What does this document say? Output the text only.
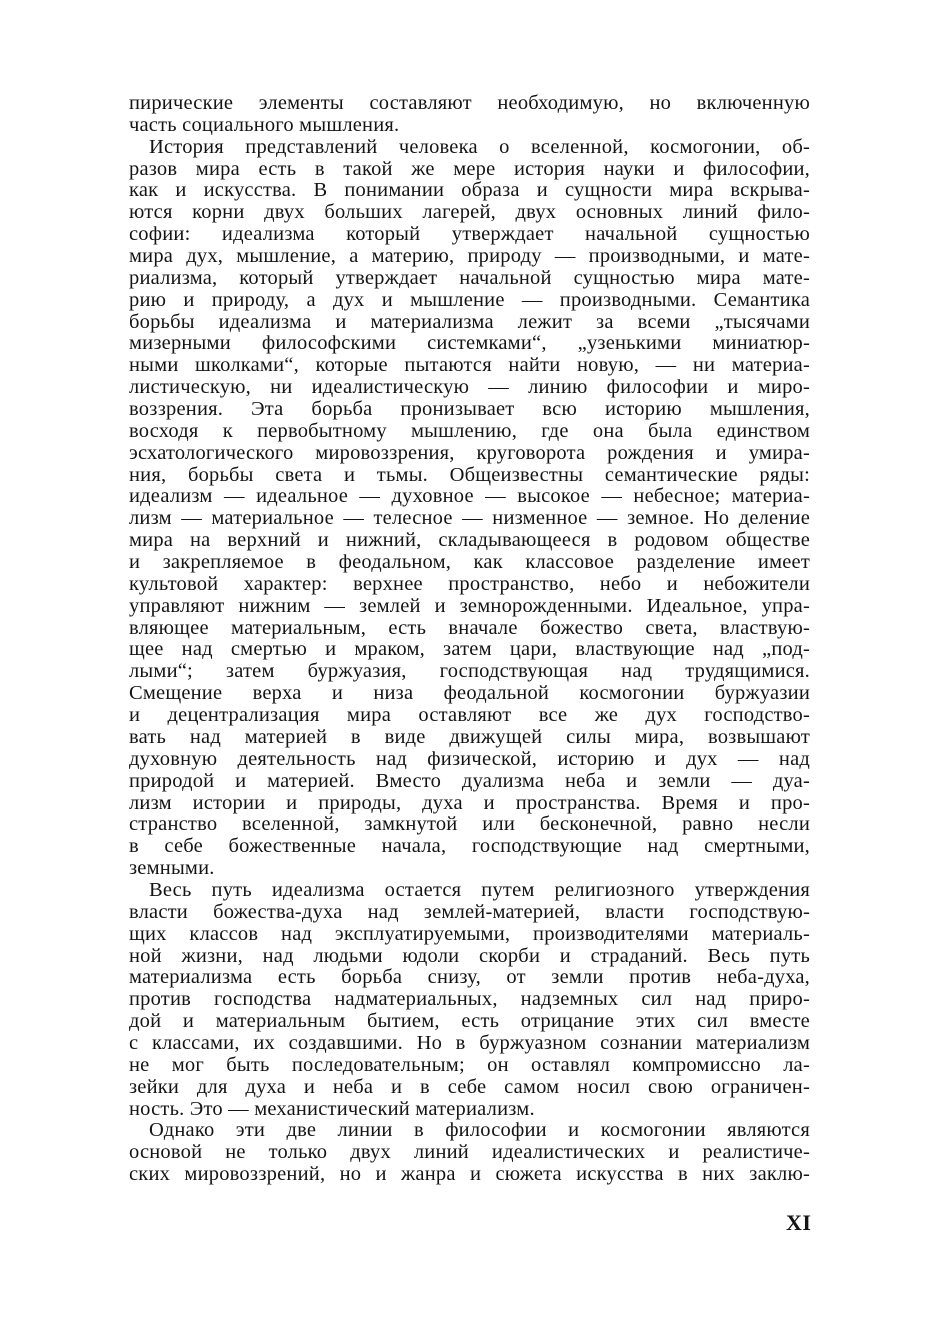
пирические элементы составляют необходимую, но включенную
часть социального мышления.
История представлений человека о вселенной, космогонии, об-
разов мира есть в такой же мере история науки и философии,
как и искусства. В понимании образа и сущности мира вскрыва-
ются корни двух больших лагерей, двух основных линий фило-
софии: идеализма который утверждает начальной сущностью
мира дух, мышление, а материю, природу — производными, и мате-
риализма, который утверждает начальной сущностью мира мате-
рию и природу, а дух и мышление — производными. Семантика
борьбы идеализма и материализма лежит за всеми „тысячами
мизерными философскими системками“, „узенькими миниатюр-
ными школками“, которые пытаются найти новую, — ни материа-
листическую, ни идеалистическую — линию философии и миро-
воззрения. Эта борьба пронизывает всю историю мышления,
восходя к первобытному мышлению, где она была единством
эсхатологического мировоззрения, круговорота рождения и умира-
ния, борьбы света и тьмы. Общеизвестны семантические ряды:
идеализм — идеальное — духовное — высокое — небесное; материа-
лизм — материальное — телесное — низменное — земное. Но деление
мира на верхний и нижний, складывающееся в родовом обществе
и закрепляемое в феодальном, как классовое разделение имеет
культовой характер: верхнее пространство, небо и небожители
управляют нижним — землей и земнорожденными. Идеальное, упра-
вляющее материальным, есть вначале божество света, властвую-
щее над смертью и мраком, затем цари, властвующие над „под-
лыми“; затем буржуазия, господствующая над трудящимися.
Смещение верха и низа феодальной космогонии буржуазии
и децентрализация мира оставляют все же дух господство-
вать над материей в виде движущей силы мира, возвышают
духовную деятельность над физической, историю и дух — над
природой и материей. Вместо дуализма неба и земли — дуа-
лизм истории и природы, духа и пространства. Время и про-
странство вселенной, замкнутой или бесконечной, равно несли
в себе божественные начала, господствующие над смертными,
земными.
Весь путь идеализма остается путем религиозного утверждения
власти божества-духа над землей-материей, власти господствую-
щих классов над эксплуатируемыми, производителями материаль-
ной жизни, над людьми юдоли скорби и страданий. Весь путь
материализма есть борьба снизу, от земли против неба-духа,
против господства надматериальных, надземных сил над приро-
дой и материальным бытием, есть отрицание этих сил вместе
с классами, их создавшими. Но в буржуазном сознании материализм
не мог быть последовательным; он оставлял компромиссно ла-
зейки для духа и неба и в себе самом носил свою ограничен-
ность. Это — механистический материализм.
Однако эти две линии в философии и космогонии являются
основой не только двух линий идеалистических и реалистиче-
ских мировоззрений, но и жанра и сюжета искусства в них заклю-
XI
